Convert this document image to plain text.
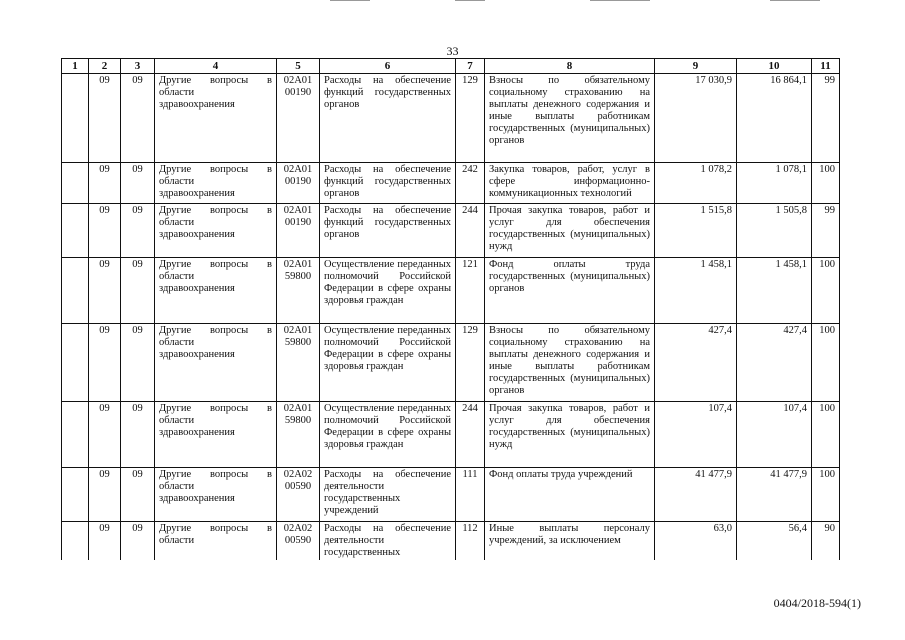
33
1	2	3	4	5	6	7	8	9	10	11
	09	09	Другие вопросы в области здравоохранения	02А01 00190	Расходы на обеспечение функций государственных органов	129	Взносы по обязательному социальному страхованию на выплаты денежного содержания и иные выплаты работникам государственных (муниципальных) органов	17 030,9	16 864,1	99
	09	09	Другие вопросы в области здравоохранения	02А01 00190	Расходы на обеспечение функций государственных органов	242	Закупка товаров, работ, услуг в сфере информационно-коммуникационных технологий	1 078,2	1 078,1	100
	09	09	Другие вопросы в области здравоохранения	02А01 00190	Расходы на обеспечение функций государственных органов	244	Прочая закупка товаров, работ и услуг для обеспечения государственных (муниципальных) нужд	1 515,8	1 505,8	99
	09	09	Другие вопросы в области здравоохранения	02А01 59800	Осуществление переданных полномочий Российской Федерации в сфере охраны здоровья граждан	121	Фонд оплаты труда государственных (муниципальных) органов	1 458,1	1 458,1	100
	09	09	Другие вопросы в области здравоохранения	02А01 59800	Осуществление переданных полномочий Российской Федерации в сфере охраны здоровья граждан	129	Взносы по обязательному социальному страхованию на выплаты денежного содержания и иные выплаты работникам государственных (муниципальных) органов	427,4	427,4	100
	09	09	Другие вопросы в области здравоохранения	02А01 59800	Осуществление переданных полномочий Российской Федерации в сфере охраны здоровья граждан	244	Прочая закупка товаров, работ и услуг для обеспечения государственных (муниципальных) нужд	107,4	107,4	100
	09	09	Другие вопросы в области здравоохранения	02А02 00590	Расходы на обеспечение деятельности государственных учреждений	111	Фонд оплаты труда учреждений	41 477,9	41 477,9	100
	09	09	Другие вопросы в области	02А02 00590	Расходы на обеспечение деятельности государственных	112	Иные выплаты персоналу учреждений, за исключением	63,0	56,4	90
0404/2018-594(1)
